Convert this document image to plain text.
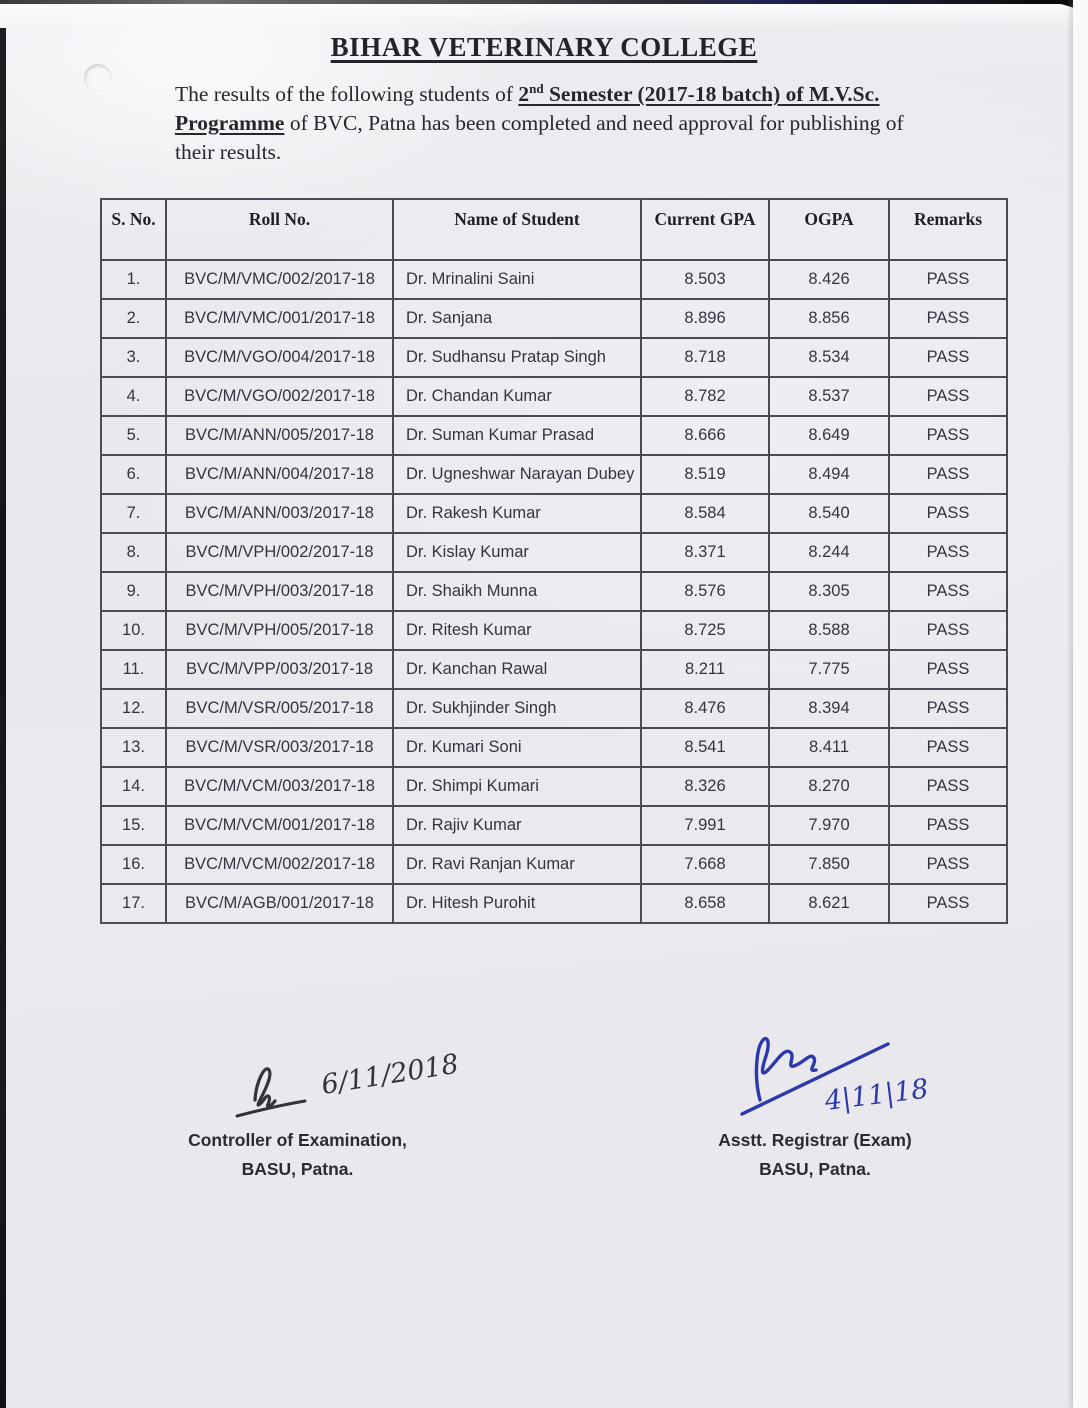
BIHAR VETERINARY COLLEGE

The results of the following students of 2nd Semester (2017-18 batch) of M.V.Sc. Programme of BVC, Patna has been completed and need approval for publishing of their results.

S. No.	Roll No.	Name of Student	Current GPA	OGPA	Remarks
1.	BVC/M/VMC/002/2017-18	Dr. Mrinalini Saini	8.503	8.426	PASS
2.	BVC/M/VMC/001/2017-18	Dr. Sanjana	8.896	8.856	PASS
3.	BVC/M/VGO/004/2017-18	Dr. Sudhansu Pratap Singh	8.718	8.534	PASS
4.	BVC/M/VGO/002/2017-18	Dr. Chandan Kumar	8.782	8.537	PASS
5.	BVC/M/ANN/005/2017-18	Dr. Suman Kumar Prasad	8.666	8.649	PASS
6.	BVC/M/ANN/004/2017-18	Dr. Ugneshwar Narayan Dubey	8.519	8.494	PASS
7.	BVC/M/ANN/003/2017-18	Dr. Rakesh Kumar	8.584	8.540	PASS
8.	BVC/M/VPH/002/2017-18	Dr. Kislay Kumar	8.371	8.244	PASS
9.	BVC/M/VPH/003/2017-18	Dr. Shaikh Munna	8.576	8.305	PASS
10.	BVC/M/VPH/005/2017-18	Dr. Ritesh Kumar	8.725	8.588	PASS
11.	BVC/M/VPP/003/2017-18	Dr. Kanchan Rawal	8.211	7.775	PASS
12.	BVC/M/VSR/005/2017-18	Dr. Sukhjinder Singh	8.476	8.394	PASS
13.	BVC/M/VSR/003/2017-18	Dr. Kumari Soni	8.541	8.411	PASS
14.	BVC/M/VCM/003/2017-18	Dr. Shimpi Kumari	8.326	8.270	PASS
15.	BVC/M/VCM/001/2017-18	Dr. Rajiv Kumar	7.991	7.970	PASS
16.	BVC/M/VCM/002/2017-18	Dr. Ravi Ranjan Kumar	7.668	7.850	PASS
17.	BVC/M/AGB/001/2017-18	Dr. Hitesh Purohit	8.658	8.621	PASS
6/11/2018
Controller of Examination,
BASU, Patna.
4|11|18
Asstt. Registrar (Exam)
BASU, Patna.
